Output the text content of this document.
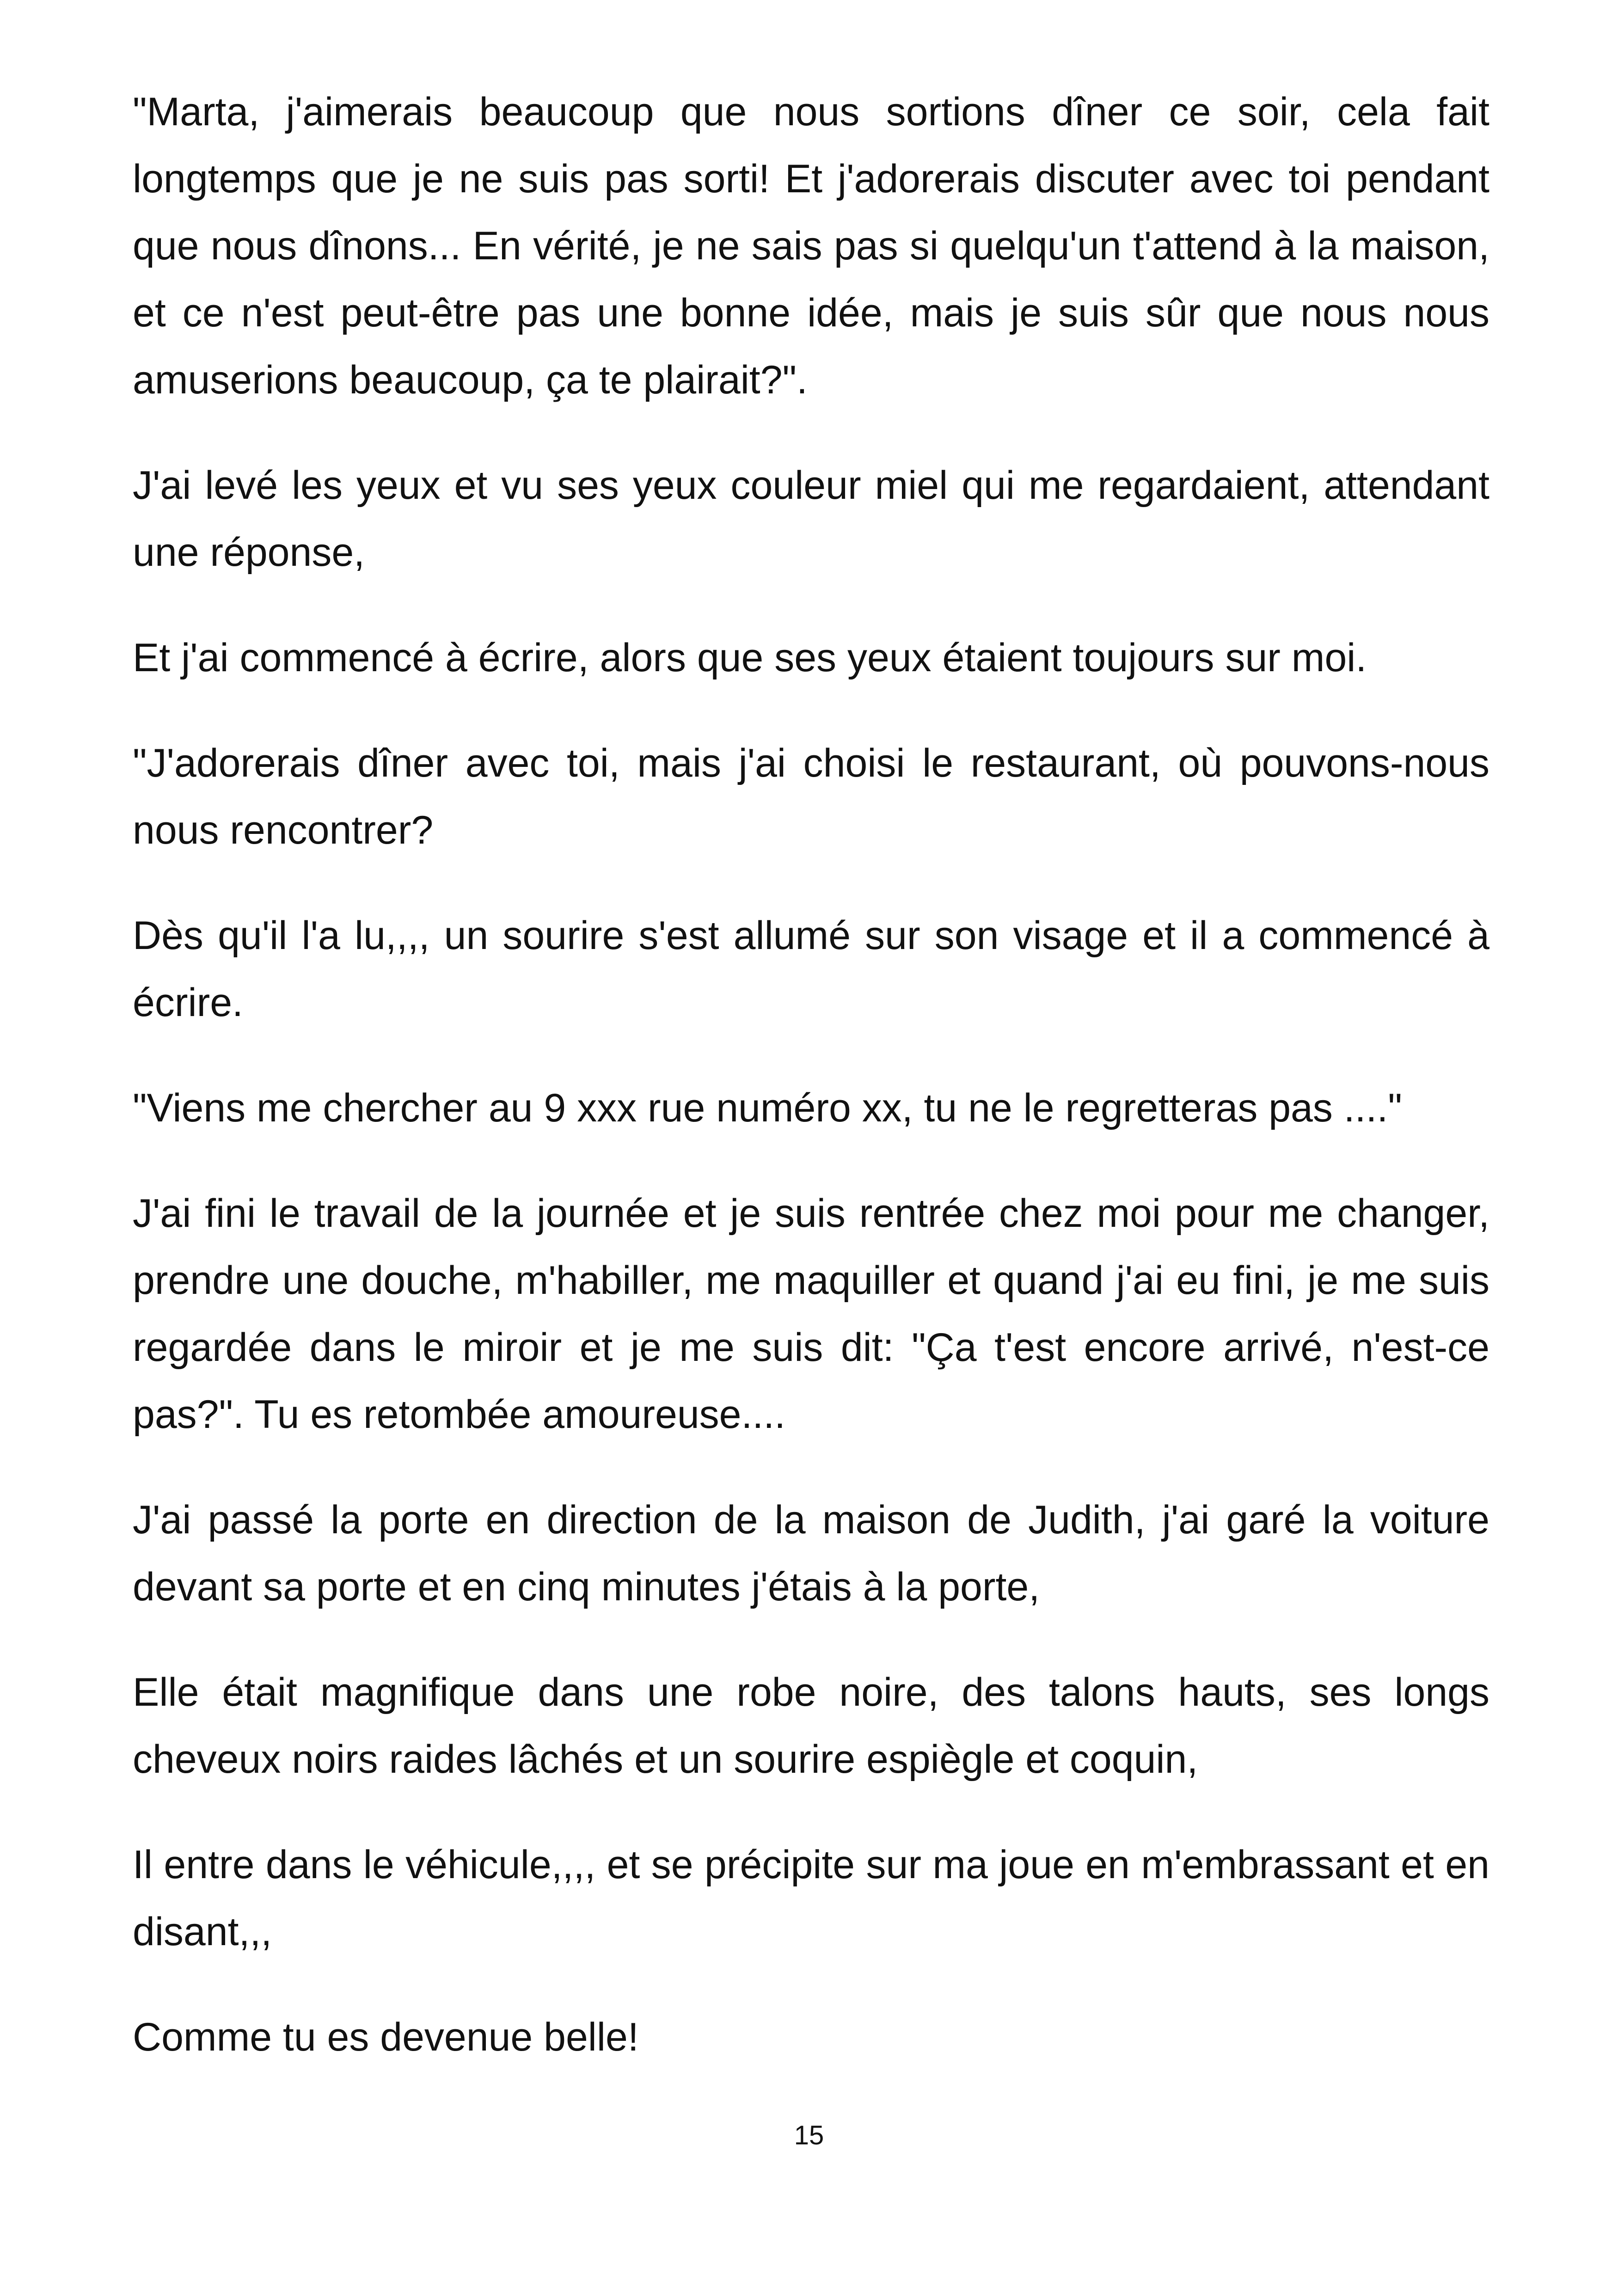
"Marta, j'aimerais beaucoup que nous sortions dîner ce soir, cela fait longtemps que je ne suis pas sorti! Et j'adorerais discuter avec toi pendant que nous dînons... En vérité, je ne sais pas si quelqu'un t'attend à la maison, et ce n'est peut-être pas une bonne idée, mais je suis sûr que nous nous amuserions beaucoup, ça te plairait?".

J'ai levé les yeux et vu ses yeux couleur miel qui me regardaient, attendant une réponse,

Et j'ai commencé à écrire, alors que ses yeux étaient toujours sur moi.

"J'adorerais dîner avec toi, mais j'ai choisi le restaurant, où pouvons-nous nous rencontrer?

Dès qu'il l'a lu,,,, un sourire s'est allumé sur son visage et il a commencé à écrire.

"Viens me chercher au 9 xxx rue numéro xx, tu ne le regretteras pas ...."

J'ai fini le travail de la journée et je suis rentrée chez moi pour me changer, prendre une douche, m'habiller, me maquiller et quand j'ai eu fini, je me suis regardée dans le miroir et je me suis dit: "Ça t'est encore arrivé, n'est-ce pas?". Tu es retombée amoureuse....

J'ai passé la porte en direction de la maison de Judith, j'ai garé la voiture devant sa porte et en cinq minutes j'étais à la porte,

Elle était magnifique dans une robe noire, des talons hauts, ses longs cheveux noirs raides lâchés et un sourire espiègle et coquin,

Il entre dans le véhicule,,,, et se précipite sur ma joue en m'embrassant et en disant,,,

Comme tu es devenue belle!

15
